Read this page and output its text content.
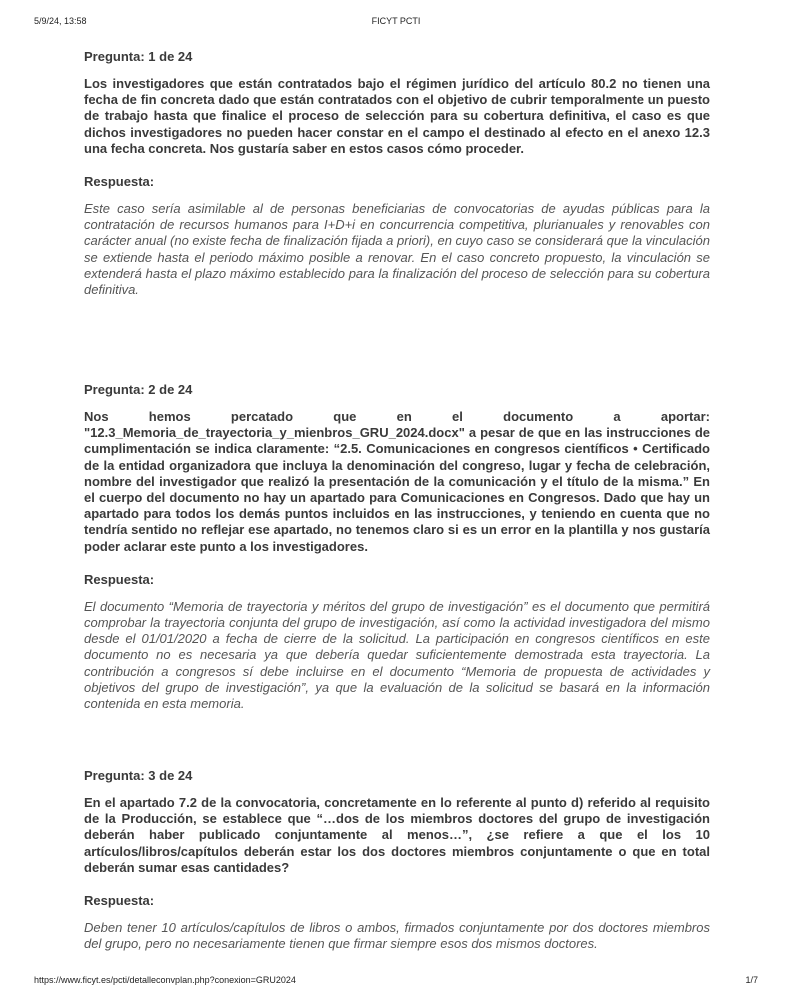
5/9/24, 13:58	FICYT PCTI

Pregunta: 1 de 24

Los investigadores que están contratados bajo el régimen jurídico del artículo 80.2 no tienen una fecha de fin concreta dado que están contratados con el objetivo de cubrir temporalmente un puesto de trabajo hasta que finalice el proceso de selección para su cobertura definitiva, el caso es que dichos investigadores no pueden hacer constar en el campo el destinado al efecto en el anexo 12.3 una fecha concreta. Nos gustaría saber en estos casos cómo proceder.

Respuesta:

Este caso sería asimilable al de personas beneficiarias de convocatorias de ayudas públicas para la contratación de recursos humanos para I+D+i en concurrencia competitiva, plurianuales y renovables con carácter anual (no existe fecha de finalización fijada a priori), en cuyo caso se considerará que la vinculación se extiende hasta el periodo máximo posible a renovar. En el caso concreto propuesto, la vinculación se extenderá hasta el plazo máximo establecido para la finalización del proceso de selección para su cobertura definitiva.

Pregunta: 2 de 24

Nos hemos percatado que en el documento a aportar: "12.3_Memoria_de_trayectoria_y_mienbros_GRU_2024.docx" a pesar de que en las instrucciones de cumplimentación se indica claramente: “2.5. Comunicaciones en congresos científicos • Certificado de la entidad organizadora que incluya la denominación del congreso, lugar y fecha de celebración, nombre del investigador que realizó la presentación de la comunicación y el título de la misma.” En el cuerpo del documento no hay un apartado para Comunicaciones en Congresos. Dado que hay un apartado para todos los demás puntos incluidos en las instrucciones, y teniendo en cuenta que no tendría sentido no reflejar ese apartado, no tenemos claro si es un error en la plantilla y nos gustaría poder aclarar este punto a los investigadores.

Respuesta:

El documento “Memoria de trayectoria y méritos del grupo de investigación” es el documento que permitirá comprobar la trayectoria conjunta del grupo de investigación, así como la actividad investigadora del mismo desde el 01/01/2020 a fecha de cierre de la solicitud. La participación en congresos científicos en este documento no es necesaria ya que debería quedar suficientemente demostrada esta trayectoria. La contribución a congresos sí debe incluirse en el documento “Memoria de propuesta de actividades y objetivos del grupo de investigación”, ya que la evaluación de la solicitud se basará en la información contenida en esta memoria.

Pregunta: 3 de 24

En el apartado 7.2 de la convocatoria, concretamente en lo referente al punto d) referido al requisito de la Producción, se establece que “…dos de los miembros doctores del grupo de investigación deberán haber publicado conjuntamente al menos…”, ¿se refiere a que el los 10 artículos/libros/capítulos deberán estar los dos doctores miembros conjuntamente o que en total deberán sumar esas cantidades?

Respuesta:

Deben tener 10 artículos/capítulos de libros o ambos, firmados conjuntamente por dos doctores miembros del grupo, pero no necesariamente tienen que firmar siempre esos dos mismos doctores.

https://www.ficyt.es/pcti/detalleconvplan.php?conexion=GRU2024	1/7
